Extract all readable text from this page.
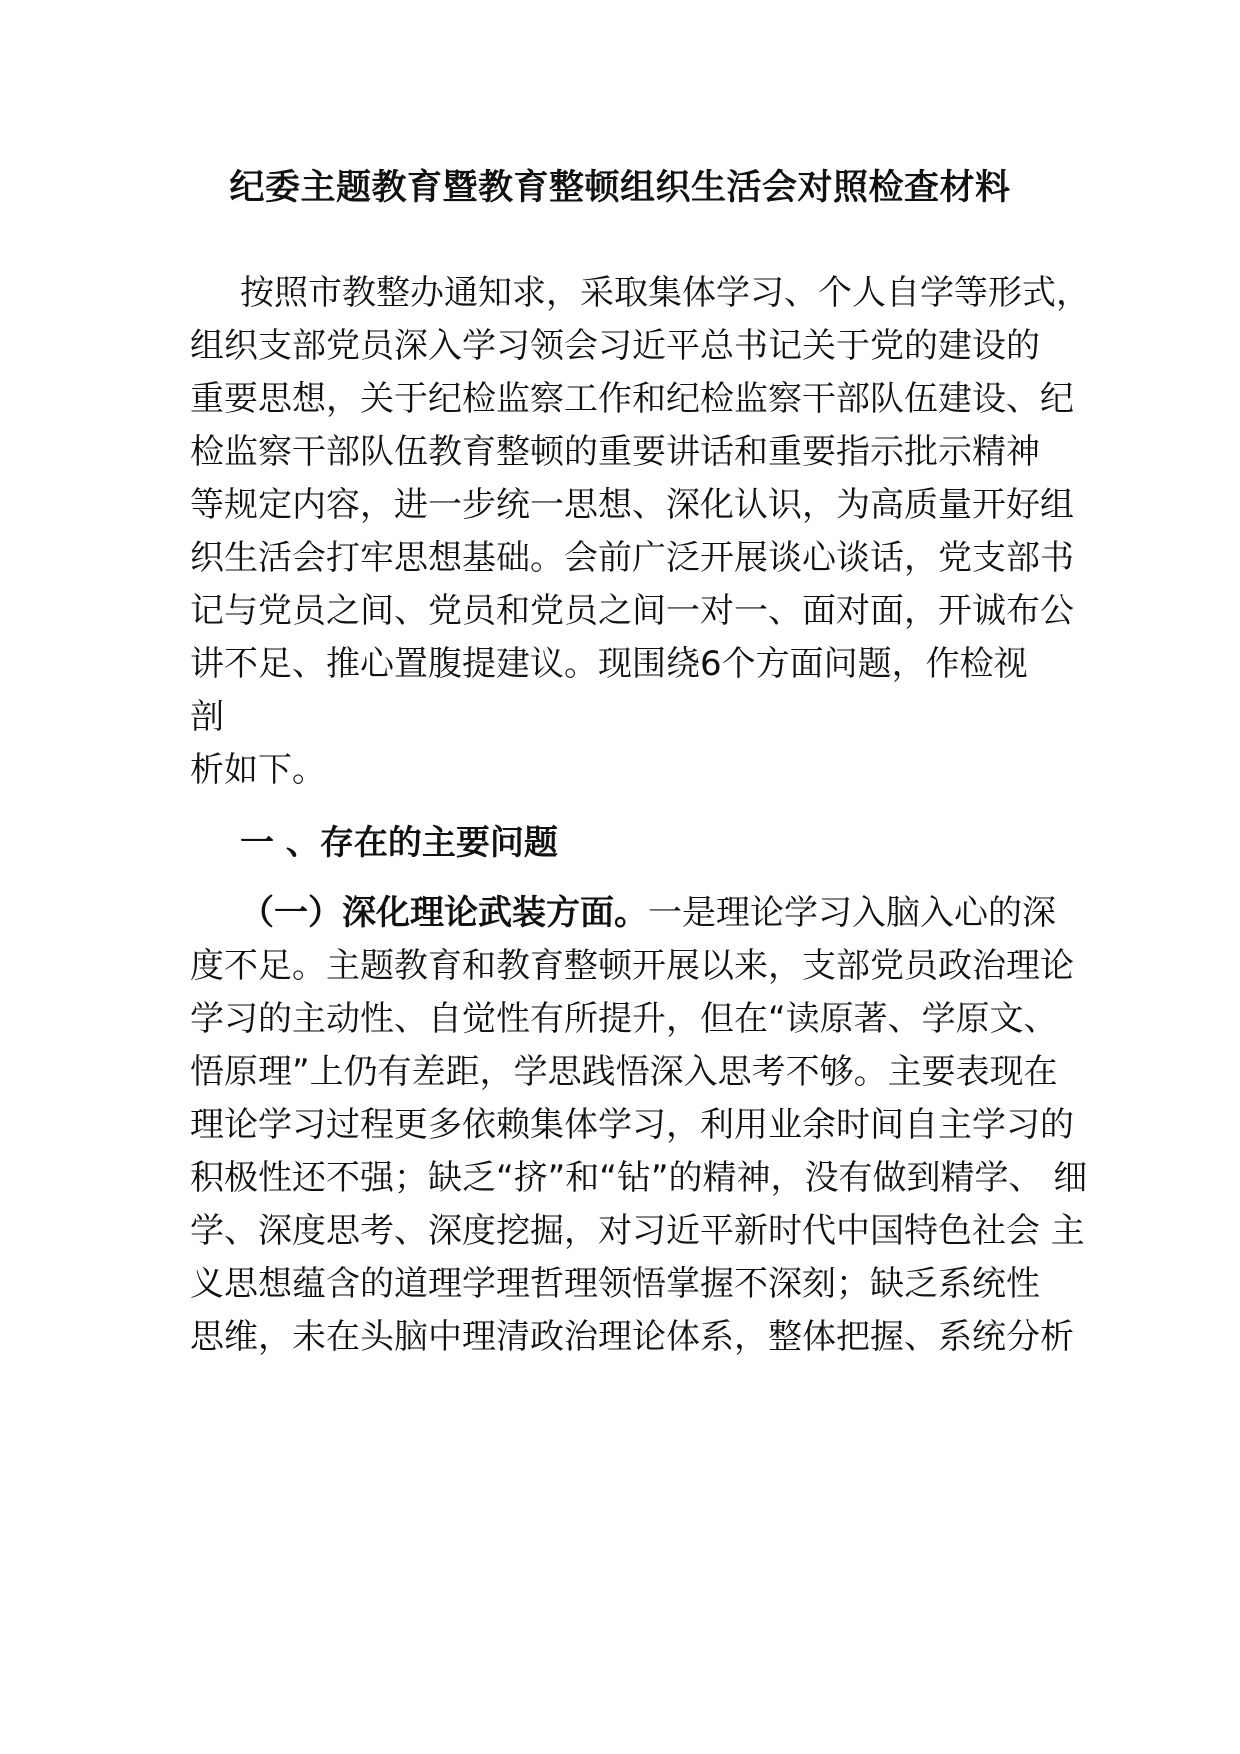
纪委主题教育暨教育整顿组织生活会对照检查材料
按照市教整办通知求，采取集体学习、个人自学等形式，
组织支部党员深入学习领会习近平总书记关于党的建设的
重要思想，关于纪检监察工作和纪检监察干部队伍建设、纪
检监察干部队伍教育整顿的重要讲话和重要指示批示精神
等规定内容，进一步统一思想、深化认识，为高质量开好组
织生活会打牢思想基础。会前广泛开展谈心谈话，党支部书
记与党员之间、党员和党员之间一对一、面对面，开诚布公
讲不足、推心置腹提建议。现围绕6个方面问题，作检视
剖
析如下。
一 、存在的主要问题
（一）深化理论武装方面。一是理论学习入脑入心的深
度不足。主题教育和教育整顿开展以来，支部党员政治理论
学习的主动性、自觉性有所提升，但在“读原著、学原文、
悟原理”上仍有差距，学思践悟深入思考不够。主要表现在
理论学习过程更多依赖集体学习，利用业余时间自主学习的
积极性还不强；缺乏“挤”和“钻”的精神，没有做到精学、 细
学、深度思考、深度挖掘，对习近平新时代中国特色社会 主
义思想蕴含的道理学理哲理领悟掌握不深刻；缺乏系统性
思维，未在头脑中理清政治理论体系，整体把握、系统分析
